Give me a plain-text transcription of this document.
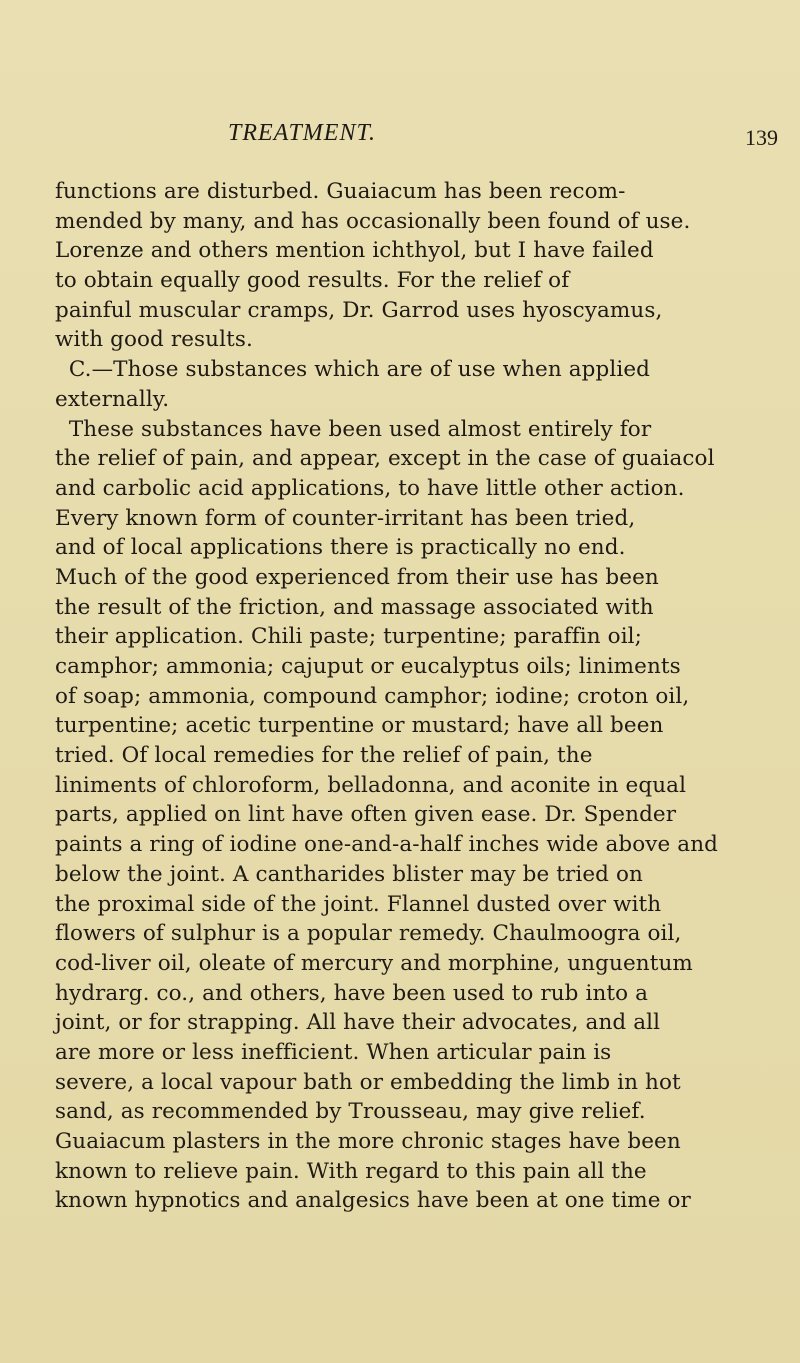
TREATMENT.	139
functions are disturbed. Guaiacum has been recom-
mended by many, and has occasionally been found of use.
Lorenze and others mention ichthyol, but I have failed
to obtain equally good results. For the relief of
painful muscular cramps, Dr. Garrod uses hyoscyamus,
with good results.
C.—Those substances which are of use when applied
externally.
These substances have been used almost entirely for
the relief of pain, and appear, except in the case of guaiacol
and carbolic acid applications, to have little other action.
Every known form of counter-irritant has been tried,
and of local applications there is practically no end.
Much of the good experienced from their use has been
the result of the friction, and massage associated with
their application. Chili paste; turpentine; paraffin oil;
camphor; ammonia; cajuput or eucalyptus oils; liniments
of soap; ammonia, compound camphor; iodine; croton oil,
turpentine; acetic turpentine or mustard; have all been
tried. Of local remedies for the relief of pain, the
liniments of chloroform, belladonna, and aconite in equal
parts, applied on lint have often given ease. Dr. Spender
paints a ring of iodine one-and-a-half inches wide above and
below the joint. A cantharides blister may be tried on
the proximal side of the joint. Flannel dusted over with
flowers of sulphur is a popular remedy. Chaulmoogra oil,
cod-liver oil, oleate of mercury and morphine, unguentum
hydrarg. co., and others, have been used to rub into a
joint, or for strapping. All have their advocates, and all
are more or less inefficient. When articular pain is
severe, a local vapour bath or embedding the limb in hot
sand, as recommended by Trousseau, may give relief.
Guaiacum plasters in the more chronic stages have been
known to relieve pain. With regard to this pain all the
known hypnotics and analgesics have been at one time or
